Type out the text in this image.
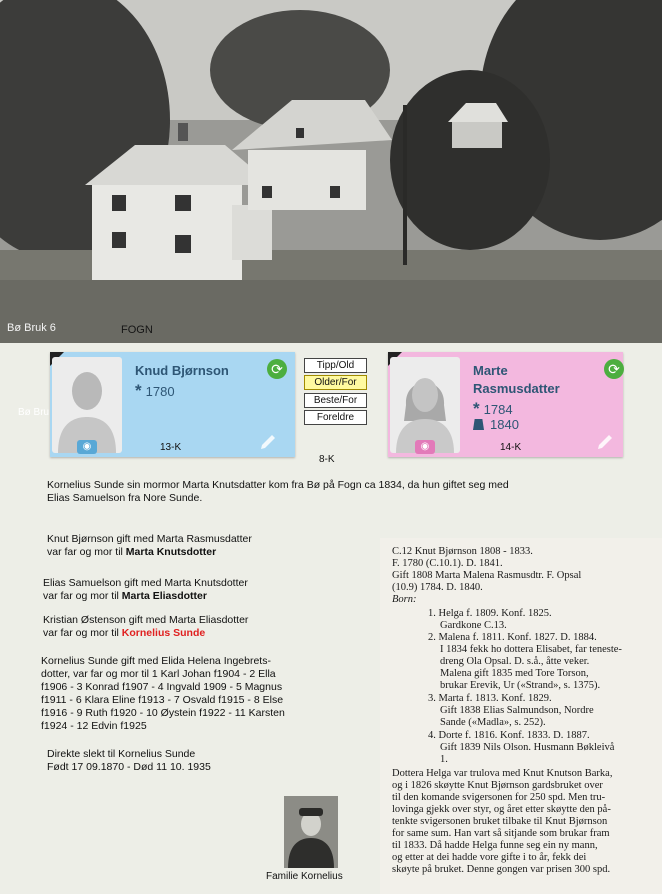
Bø Bruk 6	FOGN
Bø Bru
◉
Knud Bjørnson
* 1780
13-K
⟳	Tipp/Old
Older/For
Beste/For
Foreldre
8-K
◉
Marte
Rasmusdatter
* 1784
1840
14-K
⟳
Kornelius Sunde sin mormor Marta Knutsdatter kom fra Bø på Fogn ca 1834, da hun giftet seg med
Elias Samuelson fra Nore Sunde.
Knut Bjørnson gift med Marta Rasmusdatter
var far og mor til Marta Knutsdotter
Elias Samuelson gift med Marta Knutsdotter
var far og mor til Marta Eliasdotter
Kristian Østenson gift med Marta Eliasdotter
var far og mor til Kornelius Sunde
Kornelius Sunde gift med Elida Helena Ingebrets-
dotter, var far og mor til 1 Karl Johan f1904 - 2 Ella
f1906 - 3 Konrad f1907 - 4 Ingvald 1909 - 5 Magnus
f1911 - 6 Klara Eline f1913 - 7 Osvald f1915 - 8 Else
f1916 - 9 Ruth f1920 - 10 Øystein f1922 - 11 Karsten
f1924 - 12 Edvin f1925
Direkte slekt til Kornelius Sunde
Født 17 09.1870 - Død 11 10. 1935
Familie Kornelius
C.12 Knut Bjørnson 1808 - 1833.
F. 1780 (C.10.1). D. 1841.
Gift 1808 Marta Malena Rasmusdtr. F. Opsal
(10.9) 1784. D. 1840.
Born:
1. Helga f. 1809. Konf. 1825.
Gardkone C.13.
2. Malena f. 1811. Konf. 1827. D. 1884.
I 1834 fekk ho dottera Elisabet, far teneste-
dreng Ola Opsal. D. s.å., åtte veker.
Malena gift 1835 med Tore Torson,
brukar Erevik, Ur («Strand», s. 1375).
3. Marta f. 1813. Konf. 1829.
Gift 1838 Elias Salmundson, Nordre
Sande («Madla», s. 252).
4. Dorte f. 1816. Konf. 1833. D. 1887.
Gift 1839 Nils Olson. Husmann Bøkleivå
1.
Dottera Helga var trulova med Knut Knutson Barka,
og i 1826 skøytte Knut Bjørnson gardsbruket over
til den komande svigersonen for 250 spd. Men tru-
lovinga gjekk over styr, og året etter skøytte den på-
tenkte svigersonen bruket tilbake til Knut Bjørnson
for same sum. Han vart så sitjande som brukar fram
til 1833. Då hadde Helga funne seg ein ny mann,
og etter at dei hadde vore gifte i to år, fekk dei
skøyte på bruket. Denne gongen var prisen 300 spd.
